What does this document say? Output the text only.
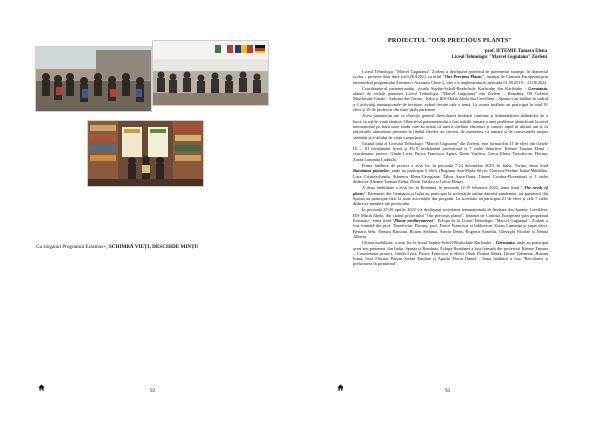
Cu sloganul Programul Erasmus+, SCHIMBĂ VIEȚI, DESCHIDE MINȚI!
92
PROIECTUL "OUR PRECIOUS PLANTS"
prof. IFTEMIE Tamara Elena
Liceul Tehnologic "Marcel Guguianu" Zorleni

Liceul Tehnologic "Marcel Guguianu", Zorleni a desfășurat proiectul de parteneriat strategic în domeniul școlar – proiecte doar între școli (KA201), cu titlul "Our Precious Plants", finanțat de Comisia Europeană prin intermediul programului Erasmus+ Acțiunea Cheie 2, care s-a implementat în perioada 01.09.2019 – 31.08.2022.

Coordonatorul parteneriatului, școala Sophie-Scholl-Realschule Karlsruhe din Karlsruhe - Germania, alături de ceilalți parteneri Liceul Tehnologic "Marcel Guguianu" din Zorleni – România, IIS Gobetti Marchesini-Casale - Arduino din Torino - Italia și IES Macià Abela din Crevillent – Spania s-au întâlnit în cadrul a 4 activități transnaționale de învățare, având fiecare câte o temă. La aceste întâlniri au participat în total 91 elevi și 26 de profesori din toate țările partenere.

Acest parteneriat are ca obiectiv general dezvoltarea învățării continue și îmbunătățirea abilităților de a lucra cu stil de viață sănătos. Obiectivul parteneriatului a fost stabilit urmare a unei probleme identificate la nivel internațional pe baza unor studii care au arătat că tinerii cheltuie obiceiuri și cunosc rapid în ultimii ani și că obiceiurile alimentare prezente în rândul elevilor au crescut, de asemenea, ca urmare și de consecințele asupra sănătății și a stilului de viață a populației.

Grupul țintă al Liceului Tehnologic "Marcel Guguianu" din Zorleni, este format din 31 de elevi din clasele IX – XI învățământ liceal și IX-X învățământ profesional și 7 cadre didactice: Iftemie Tamara Elena - coordonator proiect, Gîndu Livia, Parice Francisca Agnes, Dorin Vasilica, Grecu Elena, Timofticiuc Florina, Zoran Luminița Ludmila.

Prima întâlnire de proiect a avut loc în perioada 7-14 decembrie 2019, în Italia, Torino, tema fiind Bunătatea plantelor, unde au participat 6 elevi (Bugianu Ana-Maria-Silvia, Cherecu-Pavline Ioana-Mădălina, Luca Cristina-Ionela, Stănescu Elena-Georgiana, Tăbuș Anca-Oana, Tănase Cristina-Florentina) și 3 cadre didactice (Iftemie Tamara Elena, Dorin Vasilica și Grecu Elena).

A doua mobilitate a avut loc în România, în perioada 12-19 februarie 2022, tema fiind " The needs of plants". Partenerii din Germania și Italia au participat la activitățile online datorită pandemiei, iar partenerii din Spania au participat fizic la toate activitățile din program. La activitate au participat 21 de elevi și cele 7 cadre didactice membre ale proiectului.

În perioada 25-30 aprilie 2022 s-a desfășurat activitatea transnațională de învățare din Spania- Crevillent, IES Macià Abela, din cadrul proiectului "Our precious plants", finanțat de Comisia Europeană prin programul Erasmus+, tema fiind "Plante mediteraneene". Echipa de la Liceul Tehnologic "Marcel Guguianu", Zorleni a fost formată din prof. Timofticiuc Florina, prof. Parice Francisca și bibliotecar Zoran Luminița și șapte elevi: Bertaru Sebi, Nenutu Ramona, Rotaru Ștefania, Stavăr Denis, Bogescu Eusebiu, Gheorghi Nicolae și Nenita Alberto.

Ultima mobilitate, a avut loc la liceul Sophie-Scholl-Realschule Karlsruhe – Germania, unde au participat acest trei parteneri, din Italia, Spania și România. Echipa României a fost formată din profesorii Iftemie Tamara – Coordonator proiect, Gîndu Livia, Parice Francisca și elevii Olaru Florina Maria, Istrate Valentina, Huzum Ionuț, Iosif Florina, Bîrsan Ștefan Emilian și Agachi Florin Daniel . Tema întâlnirii a fost "Recoltarea și prelucrarea în primăvară".

93
